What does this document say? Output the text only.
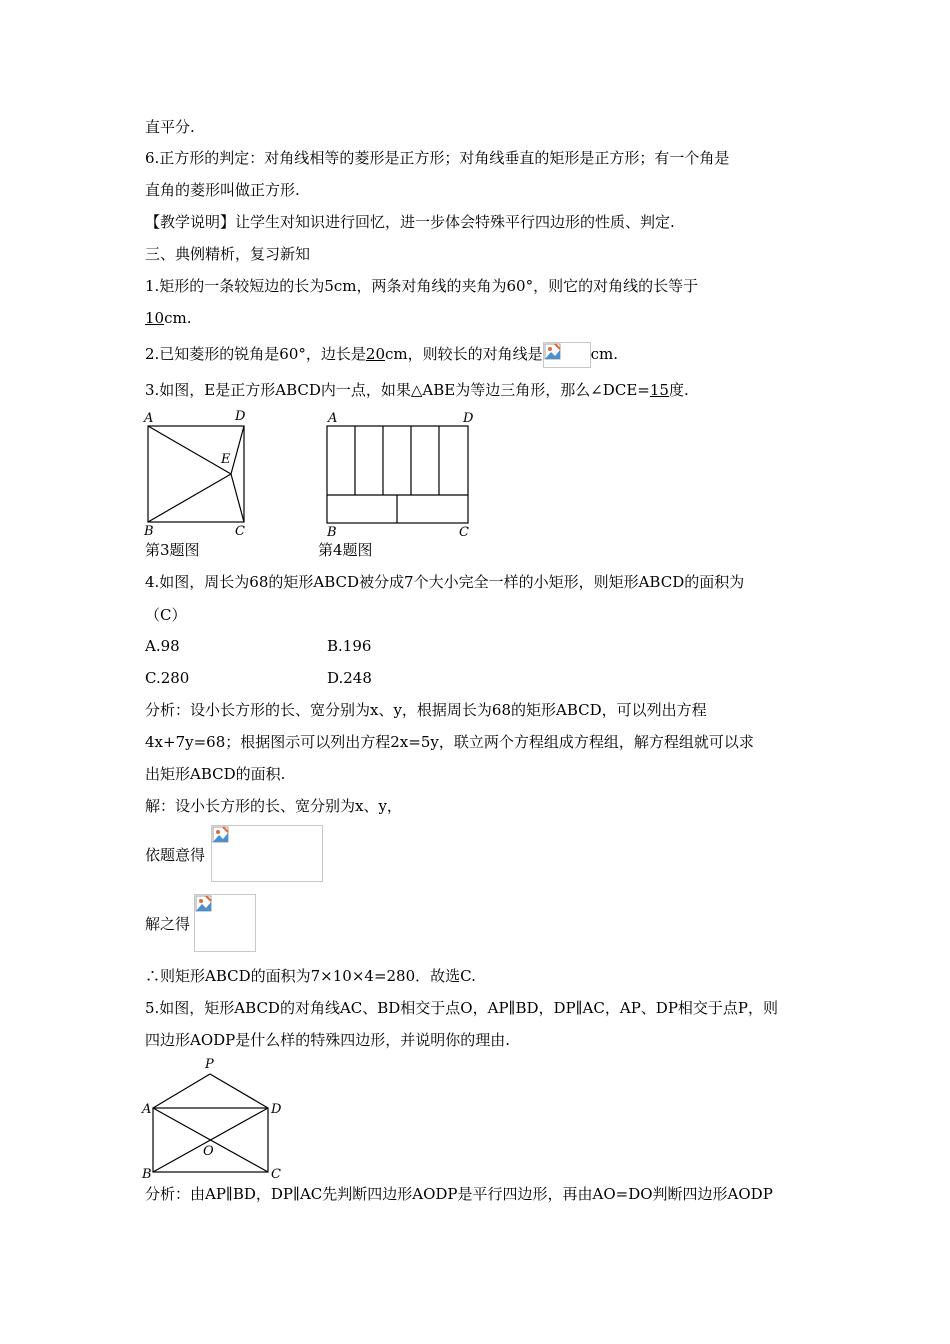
直平分.
6.正方形的判定：对角线相等的菱形是正方形；对角线垂直的矩形是正方形；有一个角是
直角的菱形叫做正方形.
【教学说明】让学生对知识进行回忆，进一步体会特殊平行四边形的性质、判定.
三、典例精析，复习新知
1.矩形的一条较短边的长为5cm，两条对角线的夹角为60°，则它的对角线的长等于
10cm.
2.已知菱形的锐角是60°，边长是20cm，则较长的对角线是	cm.
3.如图，E是正方形ABCD内一点，如果△ABE为等边三角形，那么∠DCE=15度.
A	D
E
B	C
第3题图
A	D
B	C
第4题图
4.如图，周长为68的矩形ABCD被分成7个大小完全一样的小矩形，则矩形ABCD的面积为
（C）
A.98	B.196
C.280	D.248
分析：设小长方形的长、宽分别为x、y，根据周长为68的矩形ABCD，可以列出方程
4x+7y=68；根据图示可以列出方程2x=5y，联立两个方程组成方程组，解方程组就可以求
出矩形ABCD的面积.
解：设小长方形的长、宽分别为x、y，
依题意得
解之得
∴则矩形ABCD的面积为7×10×4=280．故选C.
5.如图，矩形ABCD的对角线AC、BD相交于点O，AP∥BD，DP∥AC，AP、DP相交于点P，则
四边形AODP是什么样的特殊四边形，并说明你的理由.
P
A	D
O
B	C
分析：由AP∥BD，DP∥AC先判断四边形AODP是平行四边形，再由AO=DO判断四边形AODP
